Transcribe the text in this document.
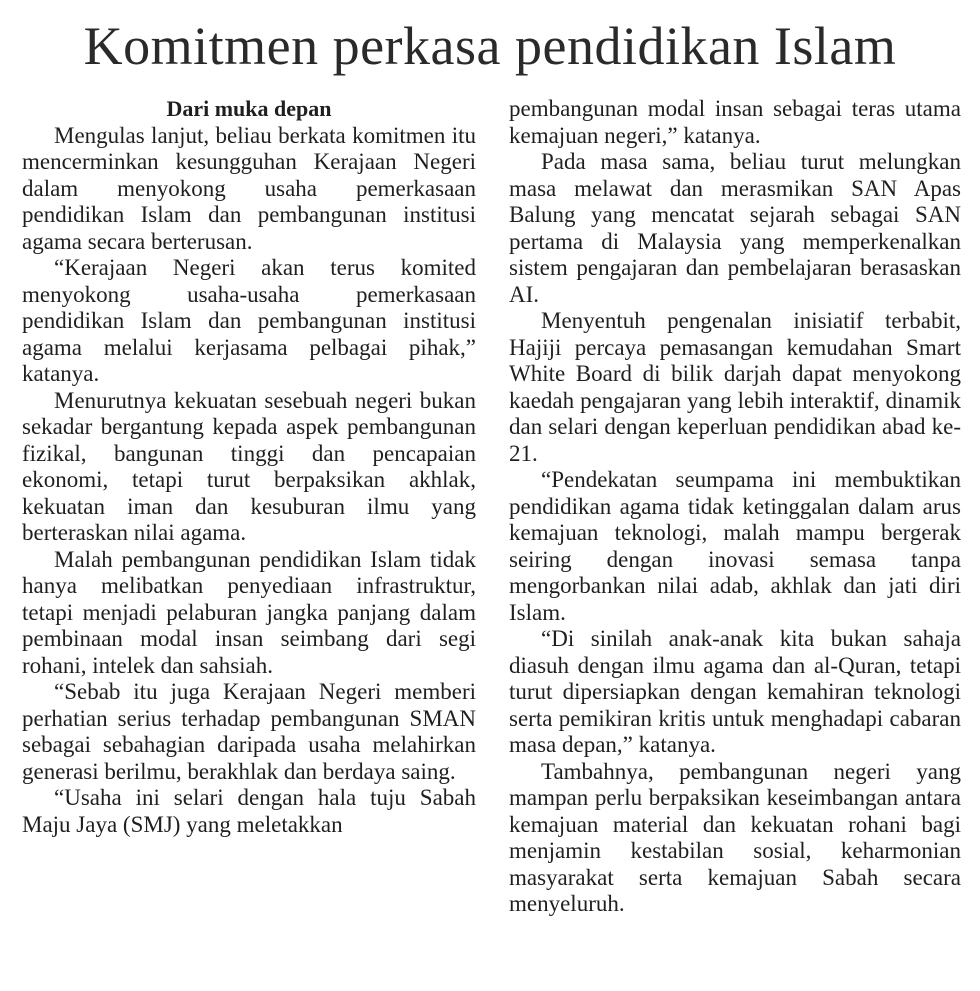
Komitmen perkasa pendidikan Islam

Dari muka depan

Mengulas lanjut, beliau berkata komitmen itu mencerminkan kesungguhan Kerajaan Negeri dalam menyokong usaha pemerkasaan pendidikan Islam dan pembangunan institusi agama secara berterusan.

“Kerajaan Negeri akan terus komited menyokong usaha-usaha pemerkasaan pendidikan Islam dan pembangunan institusi agama melalui kerjasama pelbagai pihak,” katanya.

Menurutnya kekuatan sesebuah negeri bukan sekadar bergantung kepada aspek pembangunan fizikal, bangunan tinggi dan pencapaian ekonomi, tetapi turut berpaksikan akhlak, kekuatan iman dan kesuburan ilmu yang berteraskan nilai agama.

Malah pembangunan pendidikan Islam tidak hanya melibatkan penyediaan infrastruktur, tetapi menjadi pelaburan jangka panjang dalam pembinaan modal insan seimbang dari segi rohani, intelek dan sahsiah.

“Sebab itu juga Kerajaan Negeri memberi perhatian serius terhadap pembangunan SMAN sebagai sebahagian daripada usaha melahirkan generasi berilmu, berakhlak dan berdaya saing.

“Usaha ini selari dengan hala tuju Sabah Maju Jaya (SMJ) yang meletakkan

pembangunan modal insan sebagai teras utama kemajuan negeri,” katanya.

Pada masa sama, beliau turut melungkan masa melawat dan merasmikan SAN Apas Balung yang mencatat sejarah sebagai SAN pertama di Malaysia yang memperkenalkan sistem pengajaran dan pembelajaran berasaskan AI.

Menyentuh pengenalan inisiatif terbabit, Hajiji percaya pemasangan kemudahan Smart White Board di bilik darjah dapat menyokong kaedah pengajaran yang lebih interaktif, dinamik dan selari dengan keperluan pendidikan abad ke-21.

“Pendekatan seumpama ini membuktikan pendidikan agama tidak ketinggalan dalam arus kemajuan teknologi, malah mampu bergerak seiring dengan inovasi semasa tanpa mengorbankan nilai adab, akhlak dan jati diri Islam.

“Di sinilah anak-anak kita bukan sahaja diasuh dengan ilmu agama dan al-Quran, tetapi turut dipersiapkan dengan kemahiran teknologi serta pemikiran kritis untuk menghadapi cabaran masa depan,” katanya.

Tambahnya, pembangunan negeri yang mampan perlu berpaksikan keseimbangan antara kemajuan material dan kekuatan rohani bagi menjamin kestabilan sosial, keharmonian masyarakat serta kemajuan Sabah secara menyeluruh.
